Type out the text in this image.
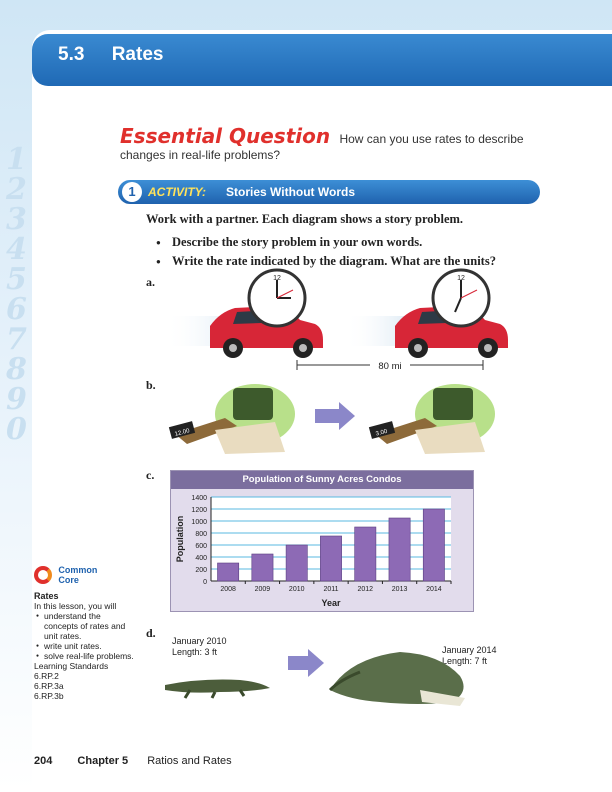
5.3 Rates
1
2
3
4
5
6
7
8
9
0
Essential Question How can you use rates to describe changes in real-life problems?
1	ACTIVITY: Stories Without Words
Work with a partner. Each diagram shows a story problem.
● Describe the story problem in your own words.
● Write the rate indicated by the diagram. What are the units?
a.
b.
c.
d.
80 mi
12	12
12.00	3.00
Population of Sunny Acres Condos
0
200
400
600
800
1000
1200
1400
2008	2009	2010	2011	2012	2013	2014
Year
Population
January 2010
Length: 3 ft	January 2014
Length: 7 ft
Common
Core
Rates
In this lesson, you will
● understand the concepts of rates and unit rates.
● write unit rates.
● solve real-life problems.
Learning Standards
6.RP.2
6.RP.3a
6.RP.3b
204 Chapter 5 Ratios and Rates
